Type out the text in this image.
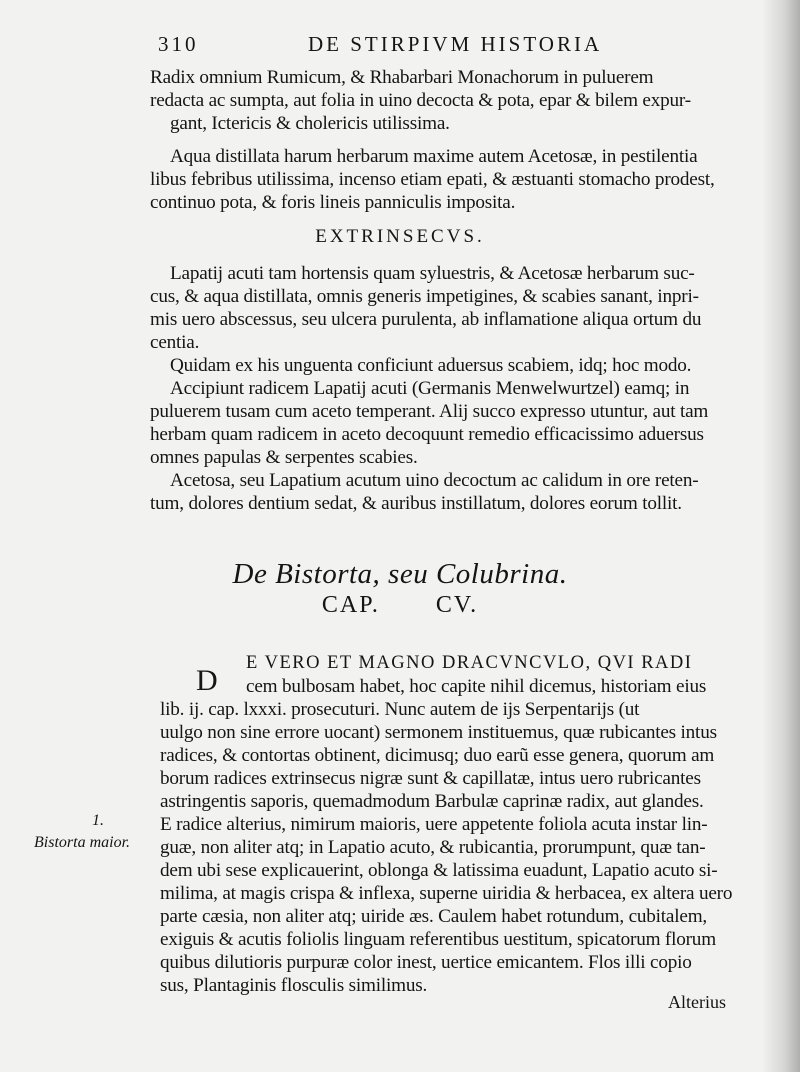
310	DE STIRPIVM HISTORIA
Radix omnium Rumicum, & Rhabarbari Monachorum in puluerem
redacta ac sumpta, aut folia in uino decocta & pota, epar & bilem expur-
gant, Ictericis & cholericis utilissima.
Aqua distillata harum herbarum maxime autem Acetosæ, in pestilentia
libus febribus utilissima, incenso etiam epati, & æstuanti stomacho prodest,
continuo pota, & foris lineis panniculis imposita.
EXTRINSECVS.
Lapatij acuti tam hortensis quam syluestris, & Acetosæ herbarum suc-
cus, & aqua distillata, omnis generis impetigines, & scabies sanant, inpri-
mis uero abscessus, seu ulcera purulenta, ab inflamatione aliqua ortum du
centia.
Quidam ex his unguenta conficiunt aduersus scabiem, idq; hoc modo.
Accipiunt radicem Lapatij acuti (Germanis Menwelwurtzel) eamq; in
puluerem tusam cum aceto temperant. Alij succo expresso utuntur, aut tam
herbam quam radicem in aceto decoquunt remedio efficacissimo aduersus
omnes papulas & serpentes scabies.
Acetosa, seu Lapatium acutum uino decoctum ac calidum in ore reten-
tum, dolores dentium sedat, & auribus instillatum, dolores eorum tollit.
De Bistorta, seu Colubrina.
CAP. CV.
D
E VERO ET MAGNO DRACVNCVLO, QVI RADI
cem bulbosam habet, hoc capite nihil dicemus, historiam eius
lib. ij. cap. lxxxi. prosecuturi. Nunc autem de ijs Serpentarijs (ut
uulgo non sine errore uocant) sermonem instituemus, quæ rubicantes intus
radices, & contortas obtinent, dicimusq; duo earũ esse genera, quorum am
borum radices extrinsecus nigræ sunt & capillatæ, intus uero rubricantes
astringentis saporis, quemadmodum Barbulæ caprinæ radix, aut glandes.
E radice alterius, nimirum maioris, uere appetente foliola acuta instar lin-
guæ, non aliter atq; in Lapatio acuto, & rubicantia, prorumpunt, quæ tan-
dem ubi sese explicauerint, oblonga & latissima euadunt, Lapatio acuto si-
milima, at magis crispa & inflexa, superne uiridia & herbacea, ex altera uero
parte cæsia, non aliter atq; uiride æs. Caulem habet rotundum, cubitalem,
exiguis & acutis foliolis linguam referentibus uestitum, spicatorum florum
quibus dilutioris purpuræ color inest, uertice emicantem. Flos illi copio
sus, Plantaginis flosculis similimus.
1.
Bistorta maior.
Alterius
